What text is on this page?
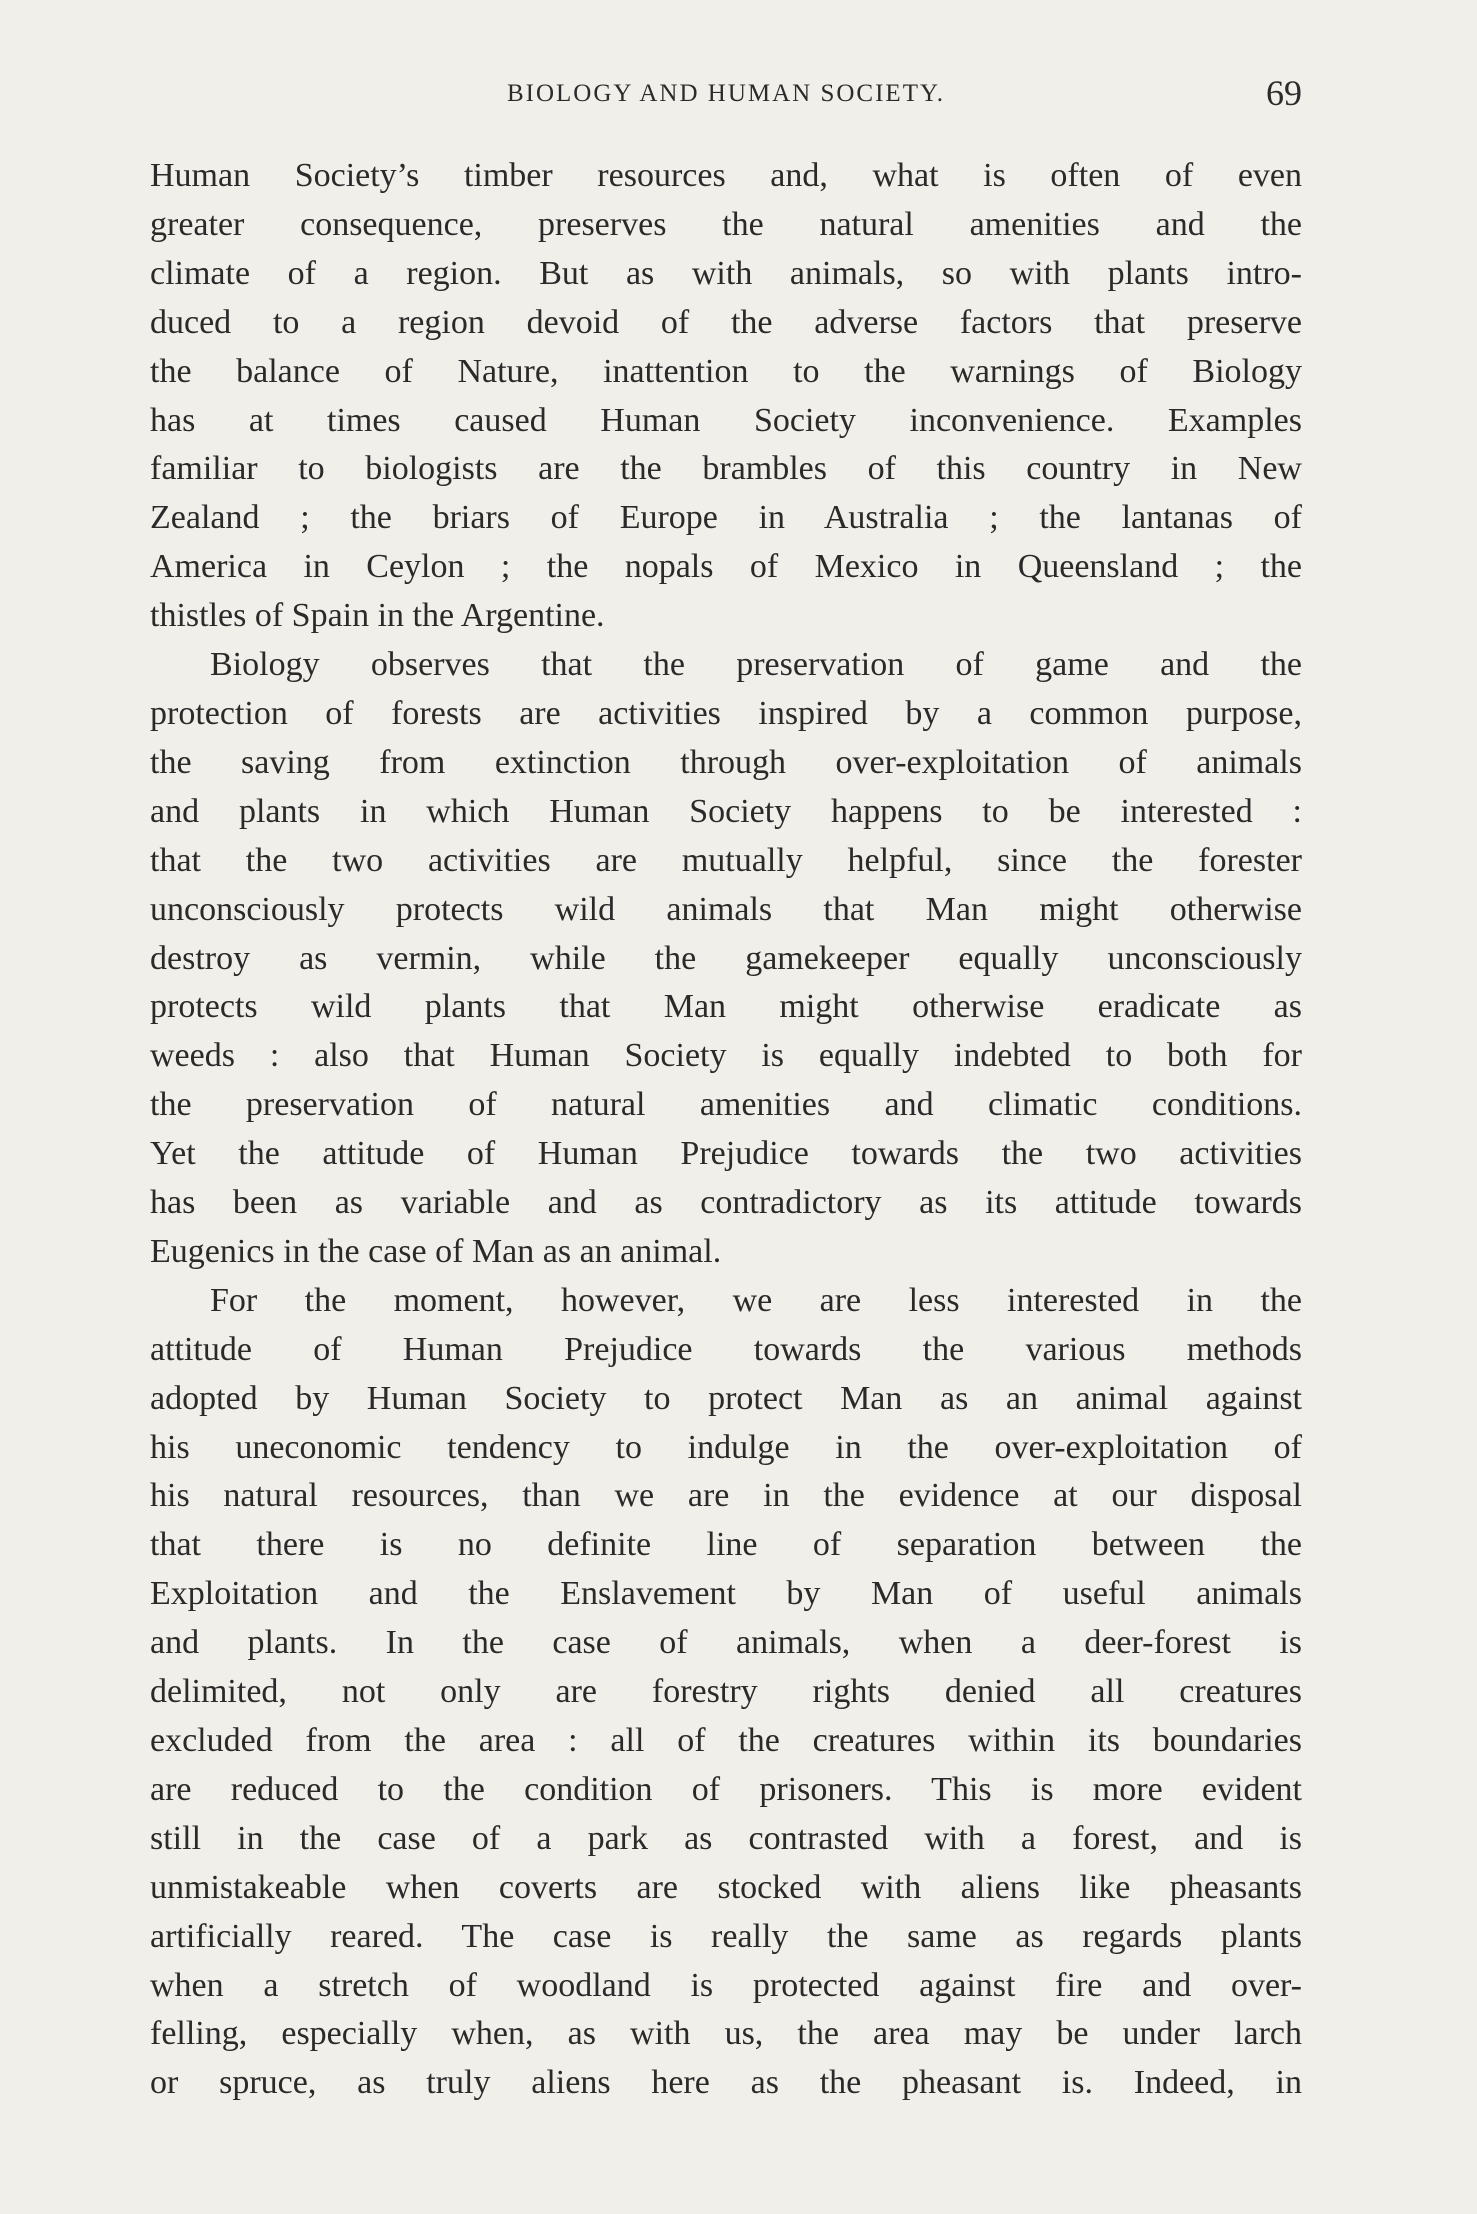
BIOLOGY AND HUMAN SOCIETY.	69
Human Society’s timber resources and, what is often of even
greater consequence, preserves the natural amenities and the
climate of a region. But as with animals, so with plants intro-
duced to a region devoid of the adverse factors that preserve
the balance of Nature, inattention to the warnings of Biology
has at times caused Human Society inconvenience. Examples
familiar to biologists are the brambles of this country in New
Zealand ; the briars of Europe in Australia ; the lantanas of
America in Ceylon ; the nopals of Mexico in Queensland ; the
thistles of Spain in the Argentine.
Biology observes that the preservation of game and the
protection of forests are activities inspired by a common purpose,
the saving from extinction through over-exploitation of animals
and plants in which Human Society happens to be interested :
that the two activities are mutually helpful, since the forester
unconsciously protects wild animals that Man might otherwise
destroy as vermin, while the gamekeeper equally unconsciously
protects wild plants that Man might otherwise eradicate as
weeds : also that Human Society is equally indebted to both for
the preservation of natural amenities and climatic conditions.
Yet the attitude of Human Prejudice towards the two activities
has been as variable and as contradictory as its attitude towards
Eugenics in the case of Man as an animal.
For the moment, however, we are less interested in the
attitude of Human Prejudice towards the various methods
adopted by Human Society to protect Man as an animal against
his uneconomic tendency to indulge in the over-exploitation of
his natural resources, than we are in the evidence at our disposal
that there is no definite line of separation between the
Exploitation and the Enslavement by Man of useful animals
and plants. In the case of animals, when a deer-forest is
delimited, not only are forestry rights denied all creatures
excluded from the area : all of the creatures within its boundaries
are reduced to the condition of prisoners. This is more evident
still in the case of a park as contrasted with a forest, and is
unmistakeable when coverts are stocked with aliens like pheasants
artificially reared. The case is really the same as regards plants
when a stretch of woodland is protected against fire and over-
felling, especially when, as with us, the area may be under larch
or spruce, as truly aliens here as the pheasant is. Indeed, in
